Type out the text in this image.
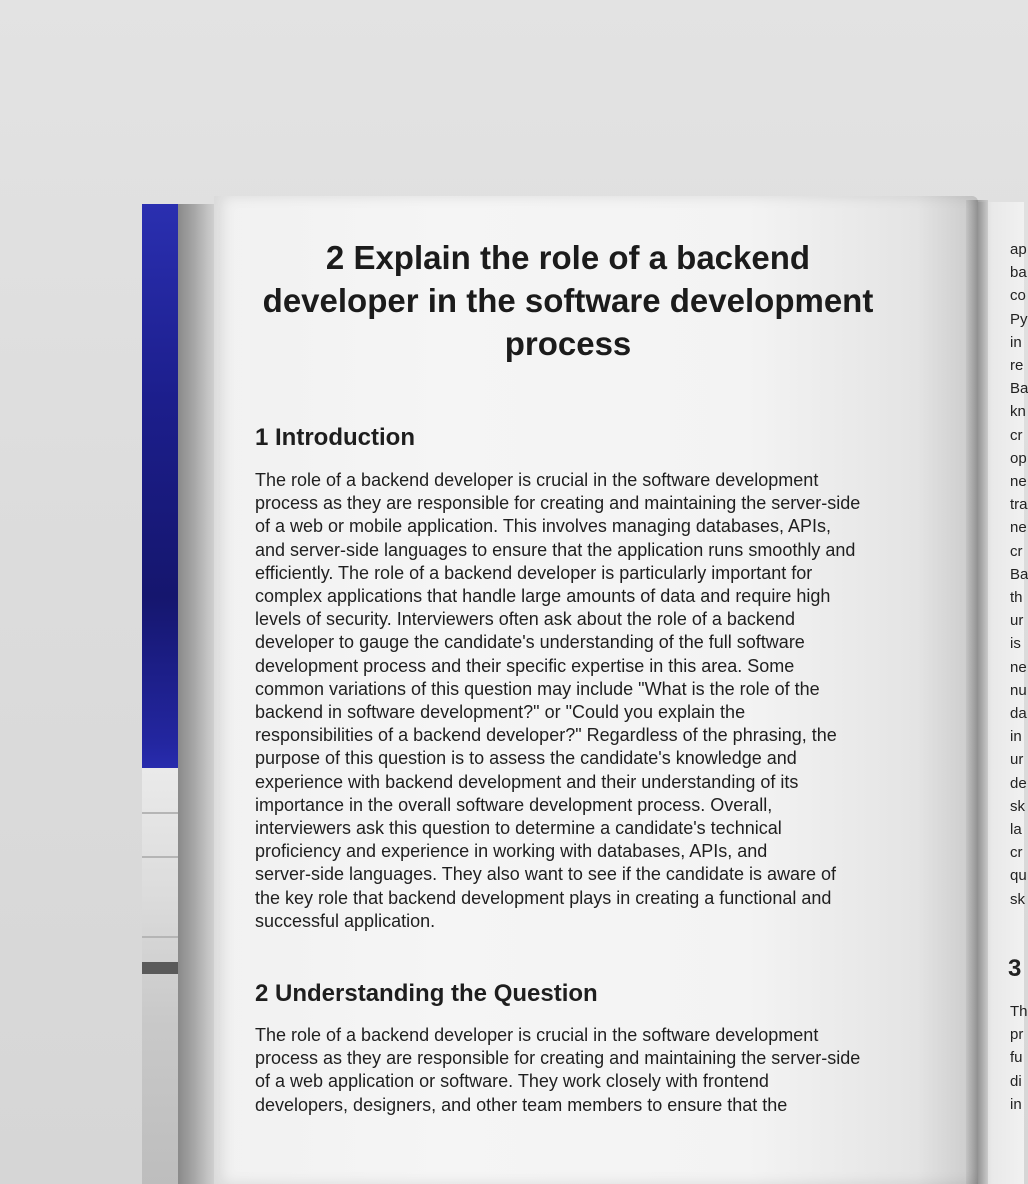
2 Explain the role of a backend developer in the software development process
1 Introduction

The role of a backend developer is crucial in the software development
process as they are responsible for creating and maintaining the server-side
of a web or mobile application. This involves managing databases, APIs,
and server-side languages to ensure that the application runs smoothly and
efficiently. The role of a backend developer is particularly important for
complex applications that handle large amounts of data and require high
levels of security. Interviewers often ask about the role of a backend
developer to gauge the candidate's understanding of the full software
development process and their specific expertise in this area. Some
common variations of this question may include "What is the role of the
backend in software development?" or "Could you explain the
responsibilities of a backend developer?" Regardless of the phrasing, the
purpose of this question is to assess the candidate's knowledge and
experience with backend development and their understanding of its
importance in the overall software development process. Overall,
interviewers ask this question to determine a candidate's technical
proficiency and experience in working with databases, APIs, and
server-side languages. They also want to see if the candidate is aware of
the key role that backend development plays in creating a functional and
successful application.

2 Understanding the Question

The role of a backend developer is crucial in the software development
process as they are responsible for creating and maintaining the server-side
of a web application or software. They work closely with frontend
developers, designers, and other team members to ensure that the

ap
ba
co
Py
in
re
Ba
kn
cr
op
ne
tra
ne
cr
Ba
th
ur
is
ne
nu
da
in
ur
de
sk
la
cr
qu
sk
3
Th
pr
fu
di
in
